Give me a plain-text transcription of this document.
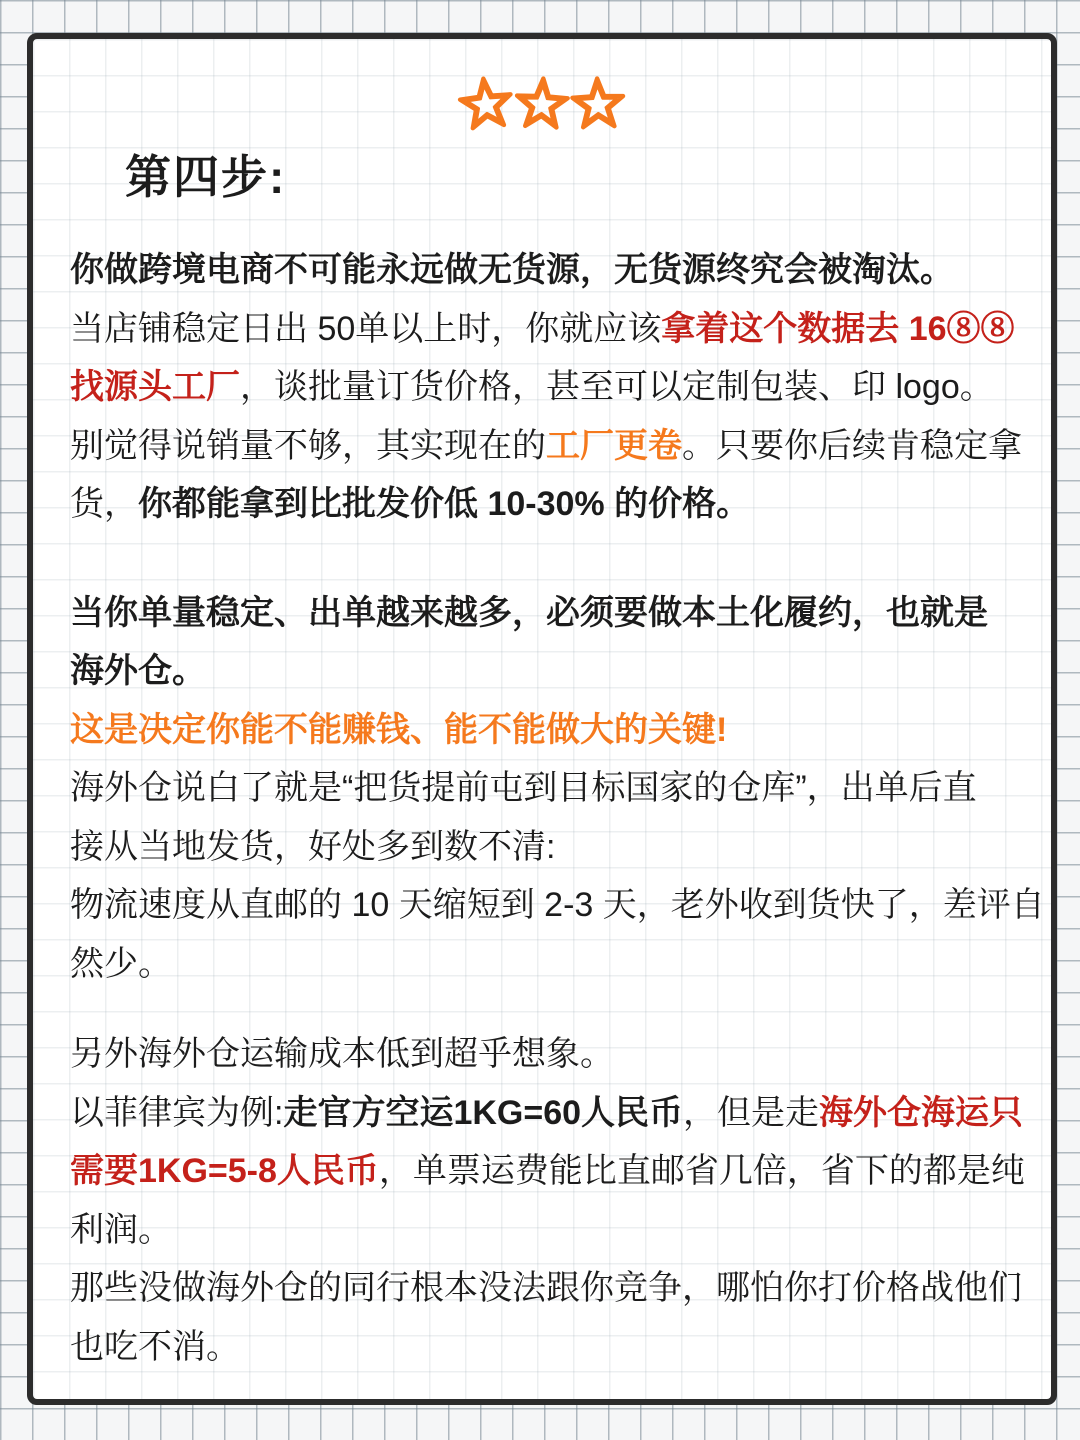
第四步:
你做跨境电商不可能永远做无货源，无货源终究会被淘汰。
当店铺稳定日出 50单以上时，你就应该拿着这个数据去 16⑧⑧
找源头工厂，谈批量订货价格，甚至可以定制包装、印 logo。
别觉得说销量不够，其实现在的工厂更卷。只要你后续肯稳定拿
货，你都能拿到比批发价低 10-30% 的价格。
当你单量稳定、出单越来越多，必须要做本土化履约，也就是
海外仓。
这是决定你能不能赚钱、能不能做大的关键!
海外仓说白了就是“把货提前屯到目标国家的仓库”，出单后直
接从当地发货，好处多到数不清:
物流速度从直邮的 10 天缩短到 2-3 天，老外收到货快了，差评自
然少。
另外海外仓运输成本低到超乎想象。
以菲律宾为例:走官方空运1KG=60人民币，但是走海外仓海运只
需要1KG=5-8人民币，单票运费能比直邮省几倍，省下的都是纯
利润。
那些没做海外仓的同行根本没法跟你竞争，哪怕你打价格战他们
也吃不消。
